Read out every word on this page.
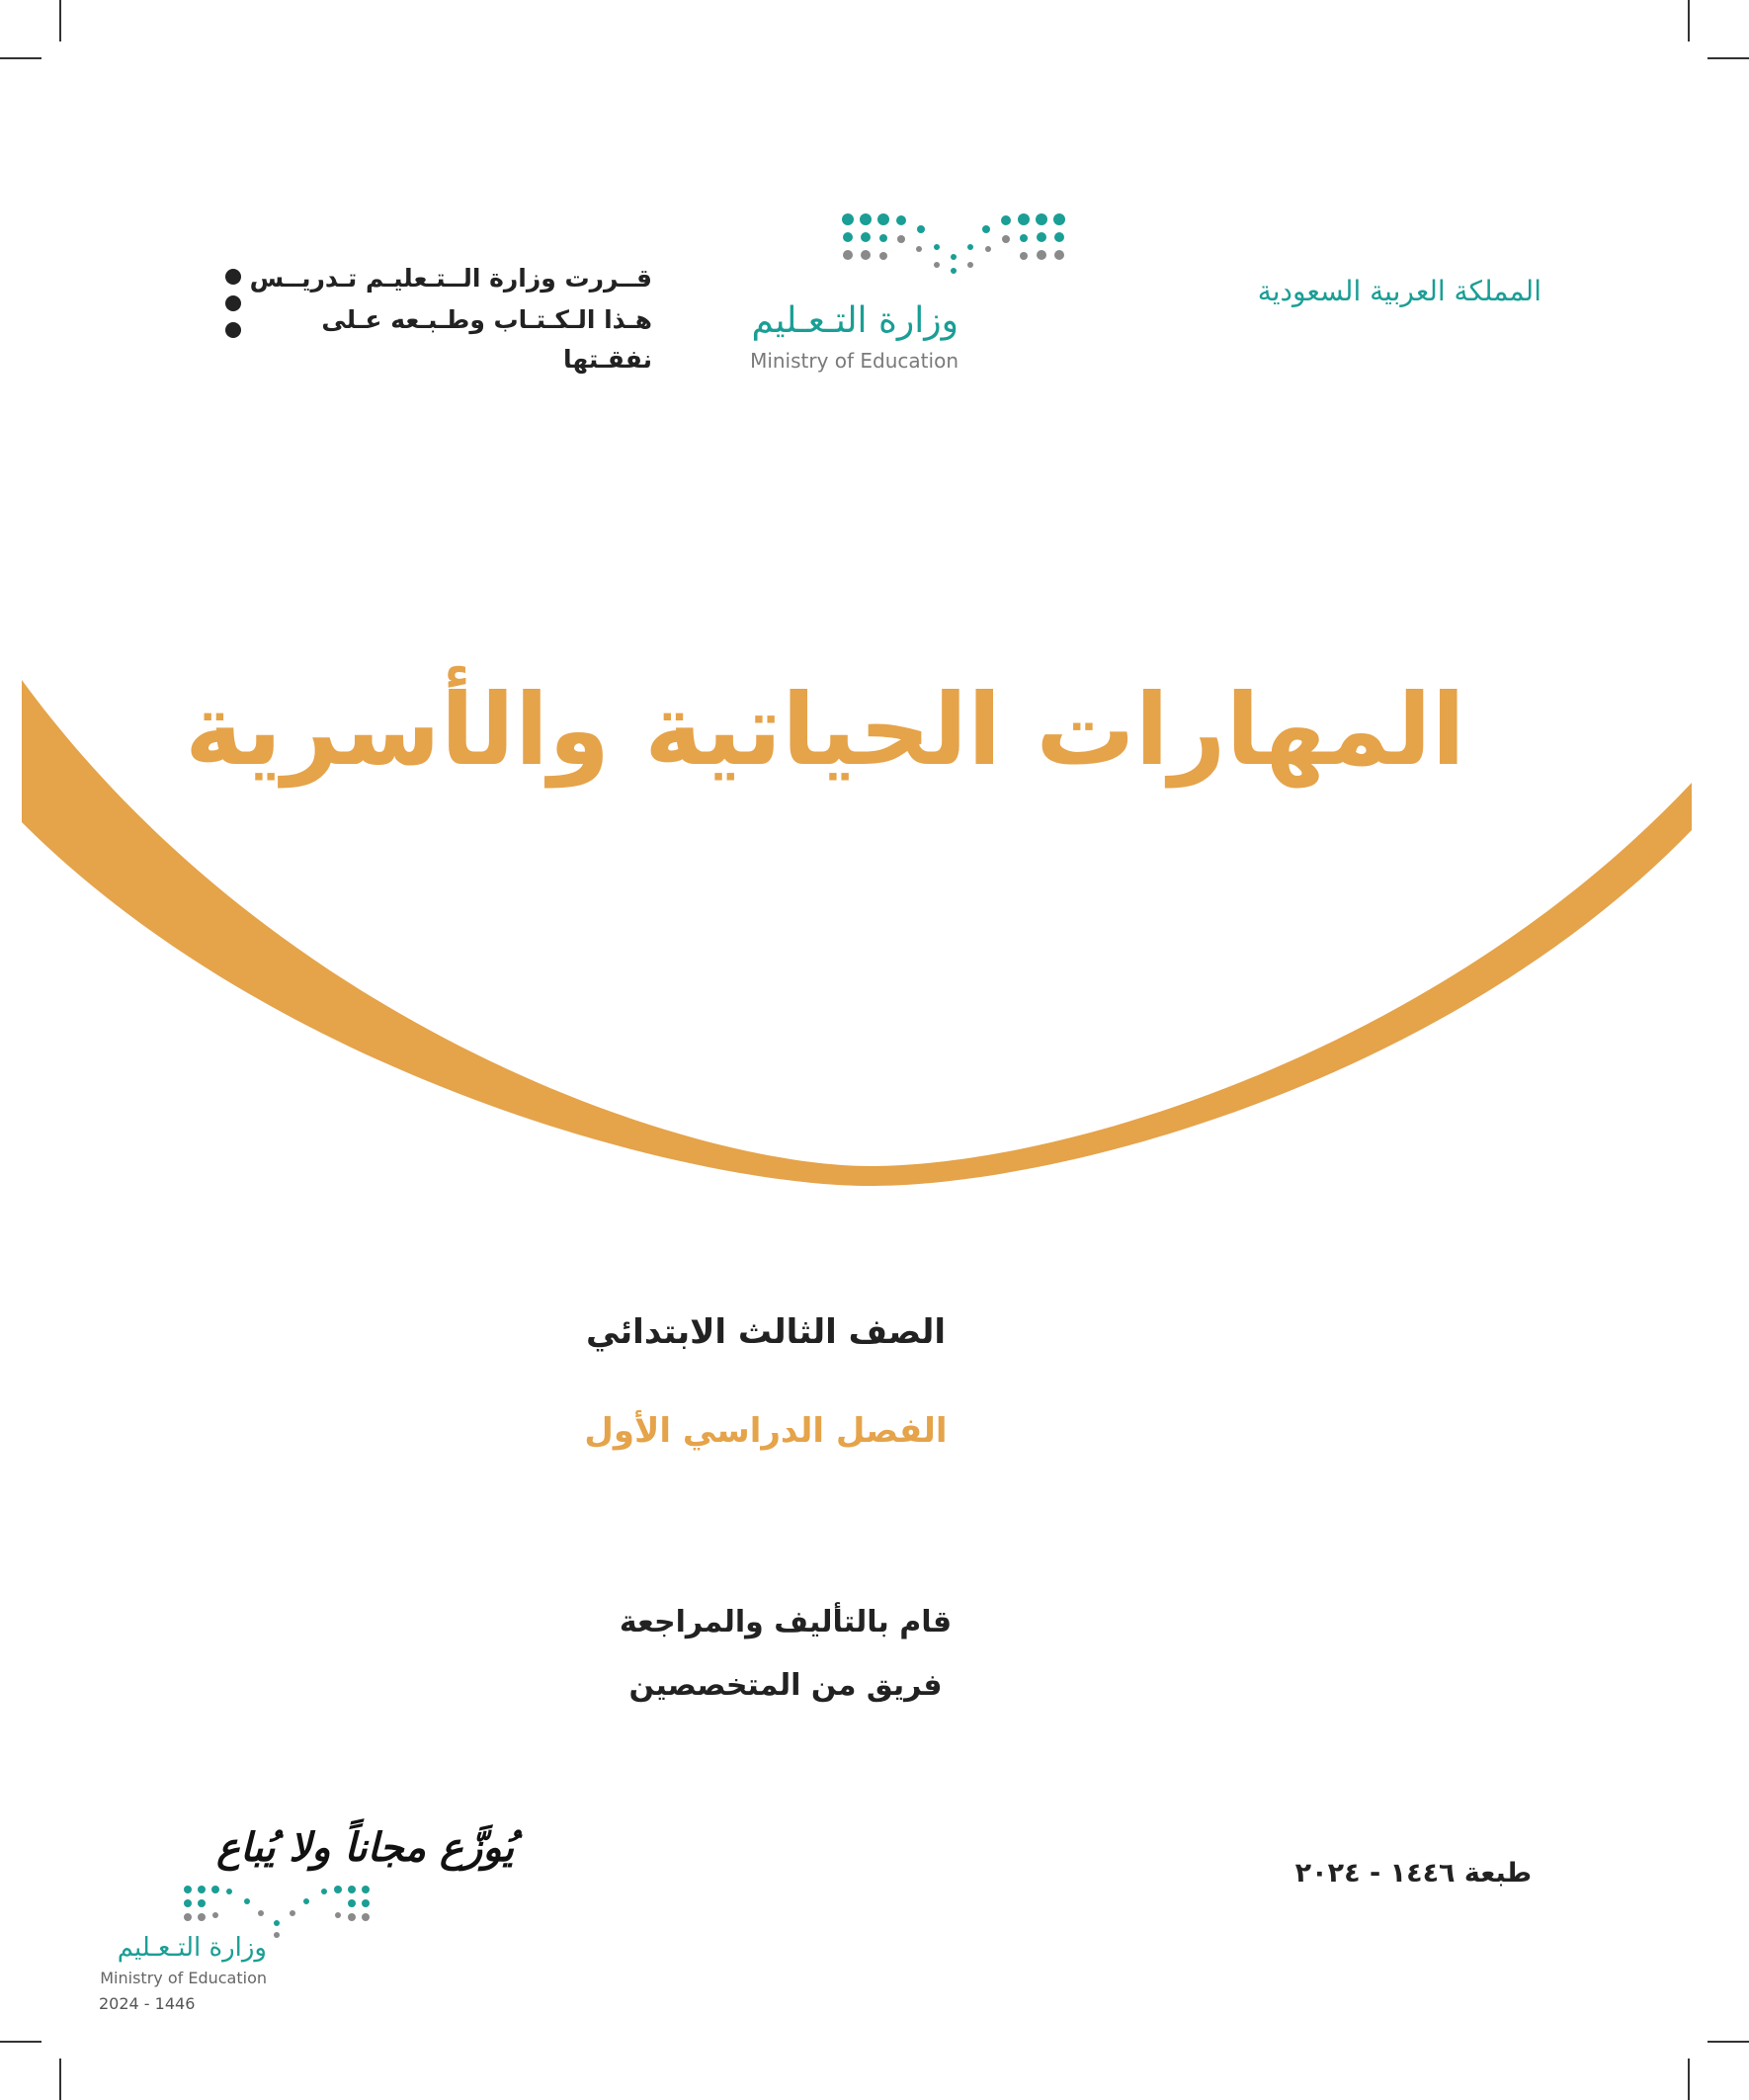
المملكة العربية السعودية
وزارة التـعـليم
Ministry of Education
قــررت وزارة الــتـعليـم تـدريــس
هـذا الـكـتـاب وطـبـعه عـلى نفقـتها
المهارات الحياتية والأسرية
الصف الثالث الابتدائي
الفصل الدراسي الأول
قام بالتأليف والمراجعة
فريق من المتخصصين
طبعة ١٤٤٦ - ٢٠٢٤
يُوزَّع مجاناً ولا يُباع
وزارة التـعـليم
Ministry of Education
2024 - 1446
